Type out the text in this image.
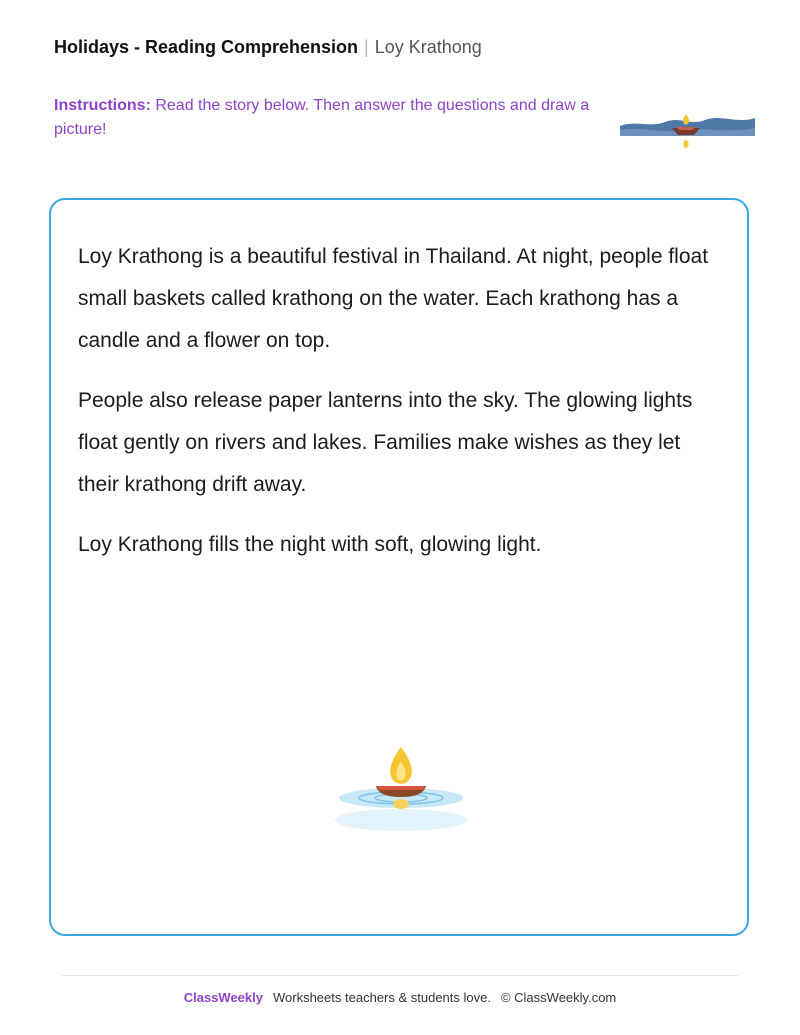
Holidays - Reading Comprehension | Loy Krathong
Instructions: Read the story below. Then answer the questions and draw a picture!

Loy Krathong is a beautiful festival in Thailand. At night, people float small baskets called krathong on the water. Each krathong has a candle and a flower on top.

People also release paper lanterns into the sky. The glowing lights float gently on rivers and lakes. Families make wishes as they let their krathong drift away.

Loy Krathong fills the night with soft, glowing light.

ClassWeekly Worksheets teachers & students love. © ClassWeekly.com
